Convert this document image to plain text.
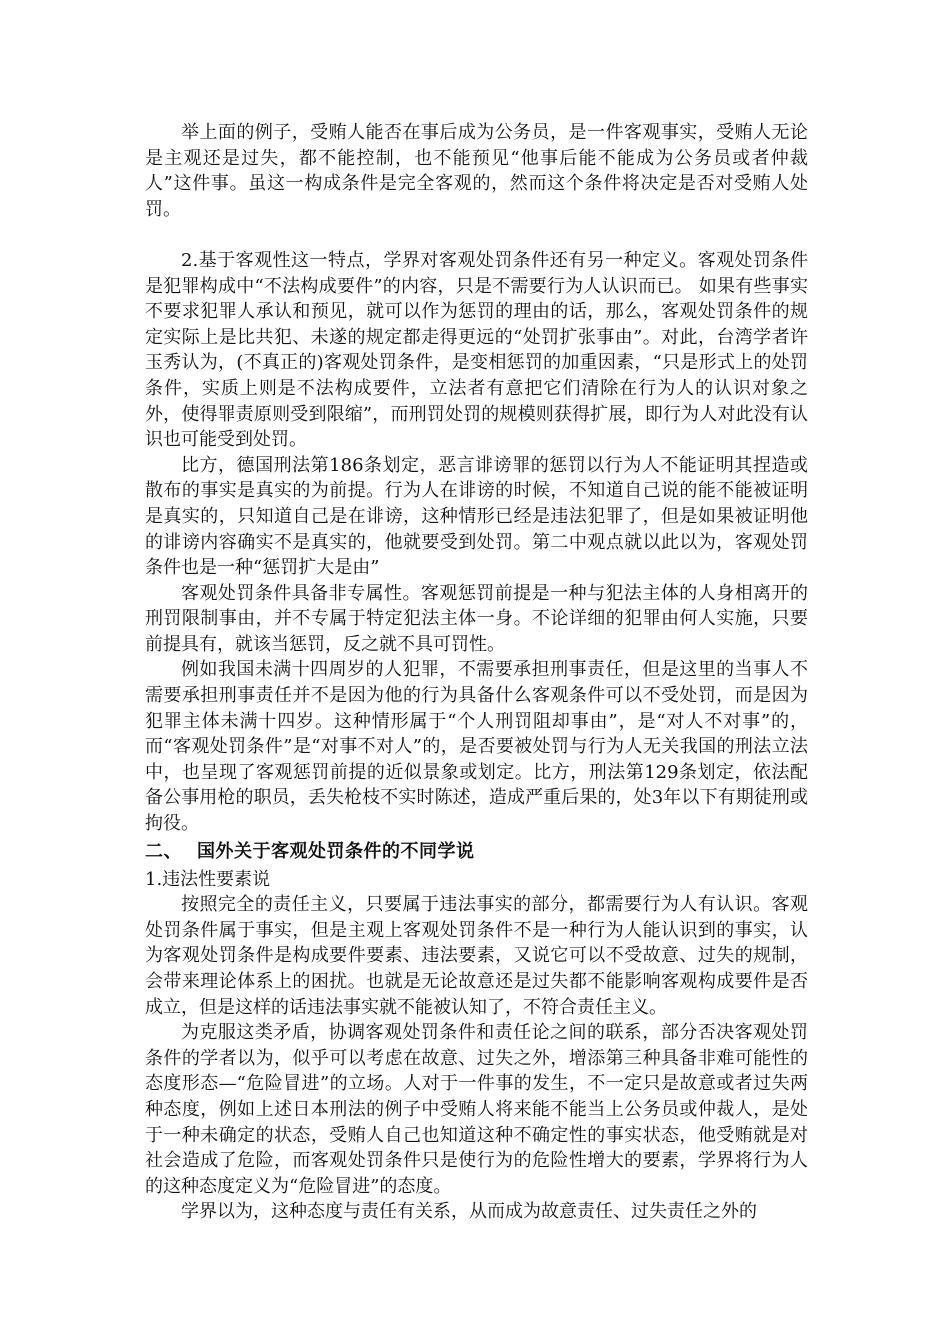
举上面的例子，受贿人能否在事后成为公务员，是一件客观事实，受贿人无论是主观还是过失，都不能控制，也不能预见“他事后能不能成为公务员或者仲裁人”这件事。虽这一构成条件是完全客观的，然而这个条件将决定是否对受贿人处罚。

2.基于客观性这一特点，学界对客观处罚条件还有另一种定义。客观处罚条件是犯罪构成中“不法构成要件”的内容，只是不需要行为人认识而已。 如果有些事实不要求犯罪人承认和预见，就可以作为惩罚的理由的话，那么，客观处罚条件的规定实际上是比共犯、未遂的规定都走得更远的“处罚扩张事由”。对此，台湾学者许玉秀认为，(不真正的)客观处罚条件，是变相惩罚的加重因素，“只是形式上的处罚条件，实质上则是不法构成要件，立法者有意把它们清除在行为人的认识对象之外，使得罪责原则受到限缩”，而刑罚处罚的规模则获得扩展，即行为人对此没有认识也可能受到处罚。

比方，德国刑法第186条划定，恶言诽谤罪的惩罚以行为人不能证明其捏造或散布的事实是真实的为前提。行为人在诽谤的时候，不知道自己说的能不能被证明是真实的，只知道自己是在诽谤，这种情形已经是违法犯罪了，但是如果被证明他的诽谤内容确实不是真实的，他就要受到处罚。第二中观点就以此以为，客观处罚条件也是一种“惩罚扩大是由”

客观处罚条件具备非专属性。客观惩罚前提是一种与犯法主体的人身相离开的刑罚限制事由，并不专属于特定犯法主体一身。不论详细的犯罪由何人实施，只要前提具有，就该当惩罚，反之就不具可罚性。

例如我国未满十四周岁的人犯罪，不需要承担刑事责任，但是这里的当事人不需要承担刑事责任并不是因为他的行为具备什么客观条件可以不受处罚，而是因为犯罪主体未满十四岁。这种情形属于“个人刑罚阻却事由”，是“对人不对事”的，而“客观处罚条件”是“对事不对人”的，是否要被处罚与行为人无关我国的刑法立法中，也呈现了客观惩罚前提的近似景象或划定。比方，刑法第129条划定，依法配备公事用枪的职员，丢失枪枝不实时陈述，造成严重后果的，处3年以下有期徒刑或拘役。

二、 国外关于客观处罚条件的不同学说

1.违法性要素说

按照完全的责任主义，只要属于违法事实的部分，都需要行为人有认识。客观处罚条件属于事实，但是主观上客观处罚条件不是一种行为人能认识到的事实，认为客观处罚条件是构成要件要素、违法要素，又说它可以不受故意、过失的规制，会带来理论体系上的困扰。也就是无论故意还是过失都不能影响客观构成要件是否成立，但是这样的话违法事实就不能被认知了，不符合责任主义。

为克服这类矛盾，协调客观处罚条件和责任论之间的联系，部分否决客观处罚条件的学者以为，似乎可以考虑在故意、过失之外，增添第三种具备非难可能性的态度形态—“危险冒进”的立场。人对于一件事的发生，不一定只是故意或者过失两种态度，例如上述日本刑法的例子中受贿人将来能不能当上公务员或仲裁人，是处于一种未确定的状态，受贿人自己也知道这种不确定性的事实状态，他受贿就是对社会造成了危险，而客观处罚条件只是使行为的危险性增大的要素，学界将行为人的这种态度定义为“危险冒进”的态度。

学界以为，这种态度与责任有关系，从而成为故意责任、过失责任之外的
